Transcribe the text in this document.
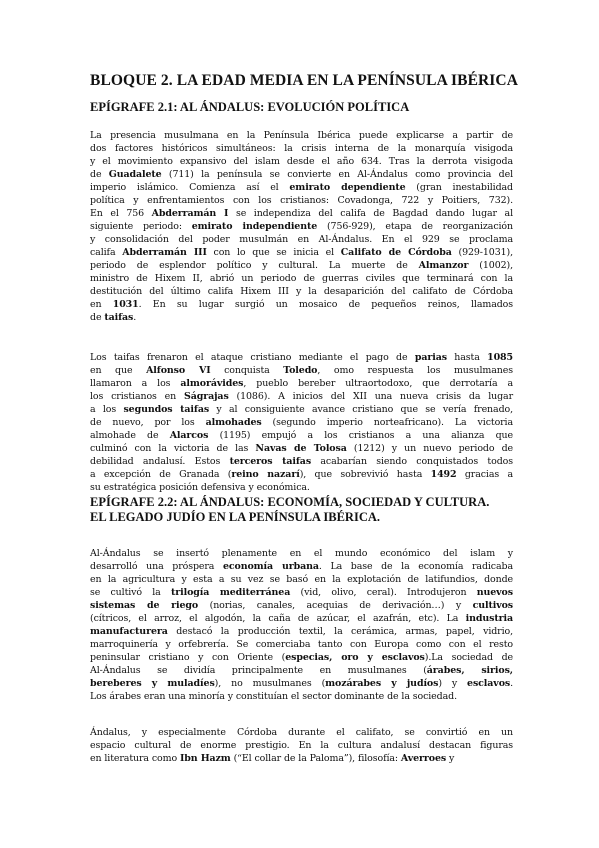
BLOQUE 2. LA EDAD MEDIA EN LA PENÍNSULA IBÉRICA
EPÍGRAFE 2.1: AL ÁNDALUS: EVOLUCIÓN POLÍTICA
La presencia musulmana en la Península Ibérica puede explicarse a partir de
dos factores históricos simultáneos: la crisis interna de la monarquía visigoda
y el movimiento expansivo del islam desde el año 634. Tras la derrota visigoda
de Guadalete (711) la península se convierte en Al-Ándalus como provincia del
imperio islámico. Comienza así el emirato dependiente (gran inestabilidad
política y enfrentamientos con los cristianos: Covadonga, 722 y Poitiers, 732).
En el 756 Abderramán I se independiza del califa de Bagdad dando lugar al
siguiente periodo: emirato independiente (756-929), etapa de reorganización
y consolidación del poder musulmán en Al-Ándalus. En el 929 se proclama
califa Abderramán III con lo que se inicia el Califato de Córdoba (929-1031),
periodo de esplendor político y cultural. La muerte de Almanzor (1002),
ministro de Hixem II, abrió un periodo de guerras civiles que terminará con la
destitución del último califa Hixem III y la desaparición del califato de Córdoba
en 1031. En su lugar surgió un mosaico de pequeños reinos, llamados
de taifas.
Los taifas frenaron el ataque cristiano mediante el pago de parias hasta 1085
en que Alfonso VI conquista Toledo, omo respuesta los musulmanes
llamaron a los almorávides, pueblo bereber ultraortodoxo, que derrotaría a
los cristianos en Ságrajas (1086). A inicios del XII una nueva crisis da lugar
a los segundos taifas y al consiguiente avance cristiano que se vería frenado,
de nuevo, por los almohades (segundo imperio norteafricano). La victoria
almohade de Alarcos (1195) empujó a los cristianos a una alianza que
culminó con la victoria de las Navas de Tolosa (1212) y un nuevo periodo de
debilidad andalusí. Estos terceros taifas acabarían siendo conquistados todos
a excepción de Granada (reino nazarí), que sobrevivió hasta 1492 gracias a
su estratégica posición defensiva y económica.
EPÍGRAFE 2.2: AL ÁNDALUS: ECONOMÍA, SOCIEDAD Y CULTURA.
EL LEGADO JUDÍO EN LA PENÍNSULA IBÉRICA.
Al-Ándalus se insertó plenamente en el mundo económico del islam y
desarrolló una próspera economía urbana. La base de la economía radicaba
en la agricultura y esta a su vez se basó en la explotación de latifundios, donde
se cultivó la trilogía mediterránea (vid, olivo, ceral). Introdujeron nuevos
sistemas de riego (norias, canales, acequias de derivación…) y cultivos
(cítricos, el arroz, el algodón, la caña de azúcar, el azafrán, etc). La industria
manufacturera destacó la producción textil, la cerámica, armas, papel, vidrio,
marroquinería y orfebrería. Se comerciaba tanto con Europa como con el resto
peninsular cristiano y con Oriente (especias, oro y esclavos).La sociedad de
Al-Ándalus se dividía principalmente en musulmanes (árabes, sirios,
bereberes y muladíes), no musulmanes (mozárabes y judíos) y esclavos.
Los árabes eran una minoría y constituían el sector dominante de la sociedad.
Ándalus, y especialmente Córdoba durante el califato, se convirtió en un
espacio cultural de enorme prestigio. En la cultura andalusí destacan figuras
en literatura como Ibn Hazm (“El collar de la Paloma”), filosofía: Averroes y
